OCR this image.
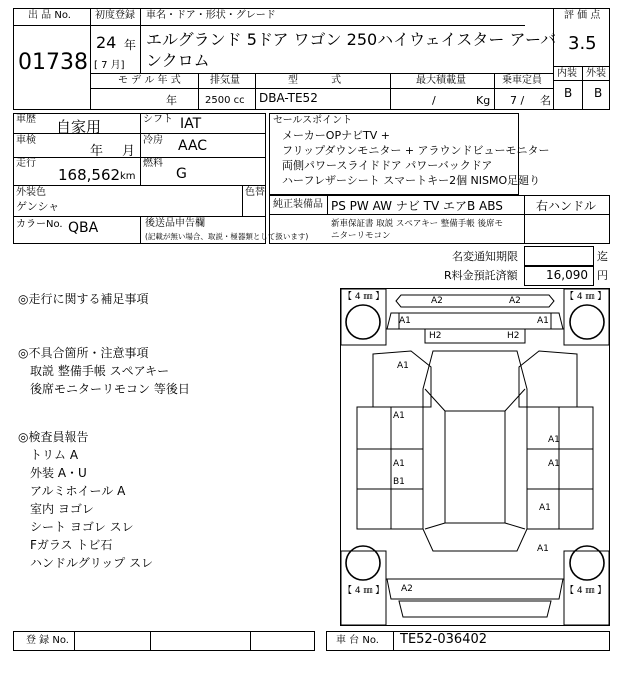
出 品 No.
01738
初度登録
24 年
[ 7 月]
車名・ドア・形状・グレード
エルグランド 5ドア ワゴン 250ハイウェイスター アーバ
ンクロム
評 価 点
3.5
内装 外装
B B
モ デ ル 年 式	排気量	型 式	最大積載量	乗車定員
年	2500 cc DBA-TE52	/	Kg 7 / 名
車歴 自家用	シフト IAT
車検
年 月
冷房 AAC
走行
168,562 km
燃料
G
外装色
ゲンシャ
色替
カラーNo. QBA	後送品申告欄
(記載が無い場合、取説・極器類として扱います)
セールスポイント
メーカーOPナビTV +
フリップダウンモニター + アラウンドビューモニター
両側パワースライドドア パワーバックドア
ハーフレザーシート スマートキー2個 NISMO足廻り
純正装備品 PS PW AW ナビ TV エアB ABS	右ハンドル
新車保証書 取説 スペアキー 整備手帳 後席モ
ニターリモコン
名変通知期限	迄
R料金預託済額 16,090 円
◎走行に関する補足事項
◎不具合箇所・注意事項
取説 整備手帳 スペアキー
後席モニターリモコン 等後日
◎検査員報告
トリム A
外装 A・U
アルミホイール A
室内 ヨゴレ
シート ヨゴレ スレ
Fガラス トビ石
ハンドルグリップ スレ
【 4 ㎜ 】	【 4 ㎜ 】
【 4 ㎜ 】	【 4 ㎜ 】
A2	A2
A1	A1
H2	H2
A1
A1
A1
A1	A1
B1
A1
A1
A2
登 録 No.	車 台 No. TE52-036402
